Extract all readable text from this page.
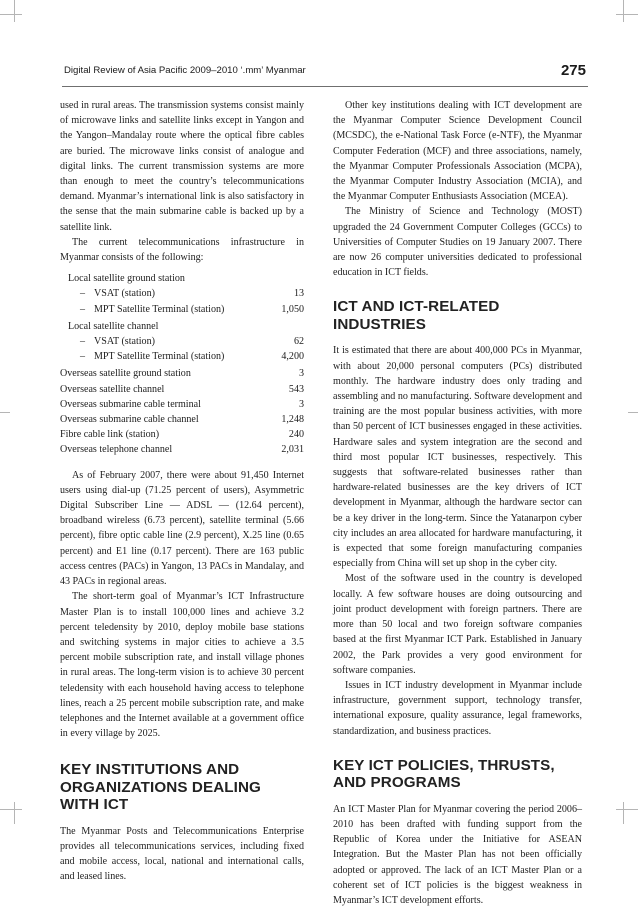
Digital Review of Asia Pacific 2009–2010 ‘.mm’ Myanmar	275

used in rural areas. The transmission systems consist mainly of microwave links and satellite links except in Yangon and the Yangon–Mandalay route where the optical fibre cables are buried. The microwave links consist of analogue and digital links. The current transmission systems are more than enough to meet the country’s telecommunications demand. Myanmar’s international link is also satisfactory in the sense that the main submarine cable is backed up by a satellite link.

The current telecommunications infrastructure in Myanmar consists of the following:

Local satellite ground station
– VSAT (station)	13
– MPT Satellite Terminal (station)	1,050
Local satellite channel
– VSAT (station)	62
– MPT Satellite Terminal (station)	4,200
Overseas satellite ground station	3
Overseas satellite channel	543
Overseas submarine cable terminal	3
Overseas submarine cable channel	1,248
Fibre cable link (station)	240
Overseas telephone channel	2,031

As of February 2007, there were about 91,450 Internet users using dial-up (71.25 percent of users), Asymmetric Digital Subscriber Line — ADSL — (12.64 percent), broadband wireless (6.73 percent), satellite terminal (5.66 percent), fibre optic cable line (2.9 percent), X.25 line (0.65 percent) and E1 line (0.17 percent). There are 163 public access centres (PACs) in Yangon, 13 PACs in Mandalay, and 43 PACs in regional areas.

The short-term goal of Myanmar’s ICT Infrastructure Master Plan is to install 100,000 lines and achieve 3.2 percent teledensity by 2010, deploy mobile base stations and switching systems in major cities to achieve a 3.5 percent mobile subscription rate, and install village phones in rural areas. The long-term vision is to achieve 30 percent teledensity with each household having access to telephone lines, reach a 25 percent mobile subscription rate, and make telephones and the Internet available at a government office in every village by 2025.

KEY INSTITUTIONS AND ORGANIZATIONS DEALING WITH ICT

The Myanmar Posts and Telecommunications Enterprise provides all telecommunications services, including fixed and mobile access, local, national and international calls, and leased lines.

Other key institutions dealing with ICT development are the Myanmar Computer Science Development Council (MCSDC), the e-National Task Force (e-NTF), the Myanmar Computer Federation (MCF) and three associations, namely, the Myanmar Computer Professionals Association (MCPA), the Myanmar Computer Industry Association (MCIA), and the Myanmar Computer Enthusiasts Association (MCEA).

The Ministry of Science and Technology (MOST) upgraded the 24 Government Computer Colleges (GCCs) to Universities of Computer Studies on 19 January 2007. There are now 26 computer universities dedicated to professional education in ICT fields.

ICT AND ICT-RELATED INDUSTRIES

It is estimated that there are about 400,000 PCs in Myanmar, with about 20,000 personal computers (PCs) distributed monthly. The hardware industry does only trading and assembling and no manufacturing. Software development and training are the most popular business activities, with more than 50 percent of ICT businesses engaged in these activities. Hardware sales and system integration are the second and third most popular ICT businesses, respectively. This suggests that software-related businesses rather than hardware-related businesses are the key drivers of ICT development in Myanmar, although the hardware sector can be a key driver in the long-term. Since the Yatanarpon cyber city includes an area allocated for hardware manufacturing, it is expected that some foreign manufacturing companies especially from China will set up shop in the cyber city.

Most of the software used in the country is developed locally. A few software houses are doing outsourcing and joint product development with foreign partners. There are more than 50 local and two foreign software companies based at the first Myanmar ICT Park. Established in January 2002, the Park provides a very good environment for software companies.

Issues in ICT industry development in Myanmar include infrastructure, government support, technology transfer, international exposure, quality assurance, legal frameworks, standardization, and business practices.

KEY ICT POLICIES, THRUSTS, AND PROGRAMS

An ICT Master Plan for Myanmar covering the period 2006–2010 has been drafted with funding support from the Republic of Korea under the Initiative for ASEAN Integration. But the Master Plan has not been officially adopted or approved. The lack of an ICT Master Plan or a coherent set of ICT policies is the biggest weakness in Myanmar’s ICT development efforts.
